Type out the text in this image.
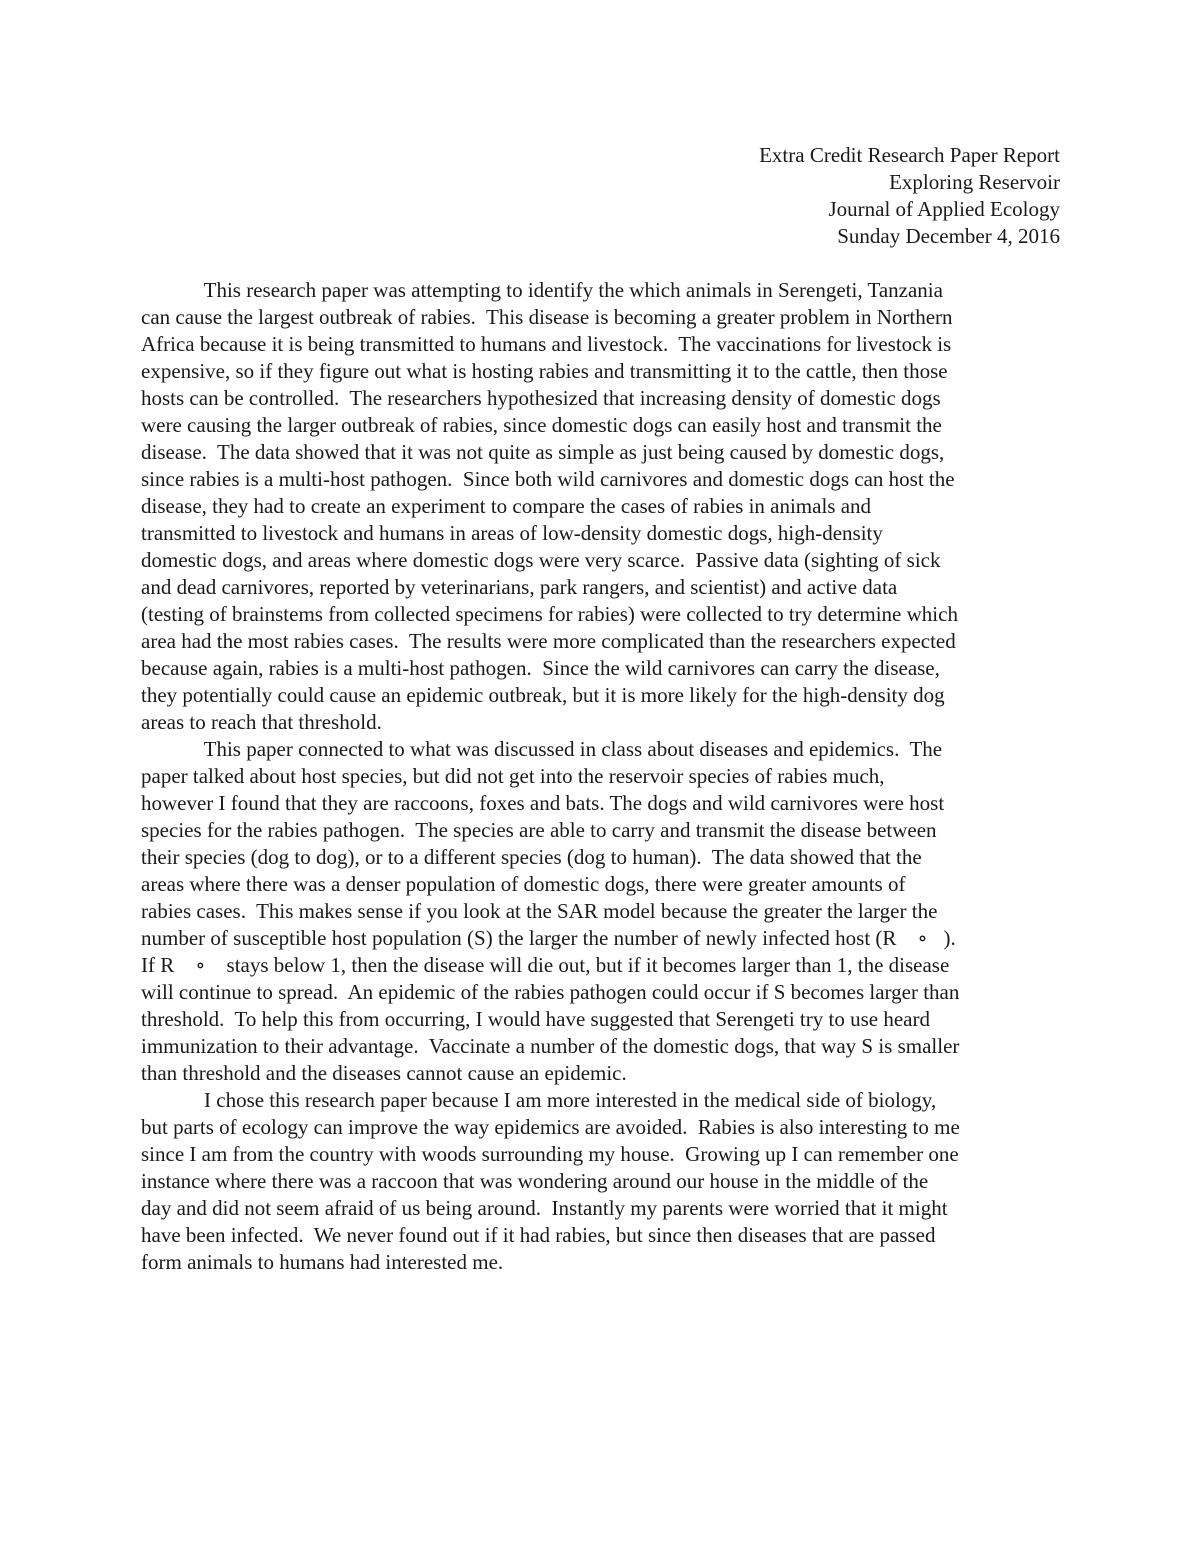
Extra Credit Research Paper Report
Exploring Reservoir
Journal of Applied Ecology
Sunday December 4, 2016
This research paper was attempting to identify the which animals in Serengeti, Tanzania
can cause the largest outbreak of rabies.  This disease is becoming a greater problem in Northern
Africa because it is being transmitted to humans and livestock.  The vaccinations for livestock is
expensive, so if they figure out what is hosting rabies and transmitting it to the cattle, then those
hosts can be controlled.  The researchers hypothesized that increasing density of domestic dogs
were causing the larger outbreak of rabies, since domestic dogs can easily host and transmit the
disease.  The data showed that it was not quite as simple as just being caused by domestic dogs,
since rabies is a multi-host pathogen.  Since both wild carnivores and domestic dogs can host the
disease, they had to create an experiment to compare the cases of rabies in animals and
transmitted to livestock and humans in areas of low-density domestic dogs, high-density
domestic dogs, and areas where domestic dogs were very scarce.  Passive data (sighting of sick
and dead carnivores, reported by veterinarians, park rangers, and scientist) and active data
(testing of brainstems from collected specimens for rabies) were collected to try determine which
area had the most rabies cases.  The results were more complicated than the researchers expected
because again, rabies is a multi-host pathogen.  Since the wild carnivores can carry the disease,
they potentially could cause an epidemic outbreak, but it is more likely for the high-density dog
areas to reach that threshold.
This paper connected to what was discussed in class about diseases and epidemics.  The
paper talked about host species, but did not get into the reservoir species of rabies much,
however I found that they are raccoons, foxes and bats. The dogs and wild carnivores were host
species for the rabies pathogen.  The species are able to carry and transmit the disease between
their species (dog to dog), or to a different species (dog to human).  The data showed that the
areas where there was a denser population of domestic dogs, there were greater amounts of
rabies cases.  This makes sense if you look at the SAR model because the greater the larger the
number of susceptible host population (S) the larger the number of newly infected host (R    ∘   ).
If R    ∘    stays below 1, then the disease will die out, but if it becomes larger than 1, the disease
will continue to spread.  An epidemic of the rabies pathogen could occur if S becomes larger than
threshold.  To help this from occurring, I would have suggested that Serengeti try to use heard
immunization to their advantage.  Vaccinate a number of the domestic dogs, that way S is smaller
than threshold and the diseases cannot cause an epidemic.
I chose this research paper because I am more interested in the medical side of biology,
but parts of ecology can improve the way epidemics are avoided.  Rabies is also interesting to me
since I am from the country with woods surrounding my house.  Growing up I can remember one
instance where there was a raccoon that was wondering around our house in the middle of the
day and did not seem afraid of us being around.  Instantly my parents were worried that it might
have been infected.  We never found out if it had rabies, but since then diseases that are passed
form animals to humans had interested me.
